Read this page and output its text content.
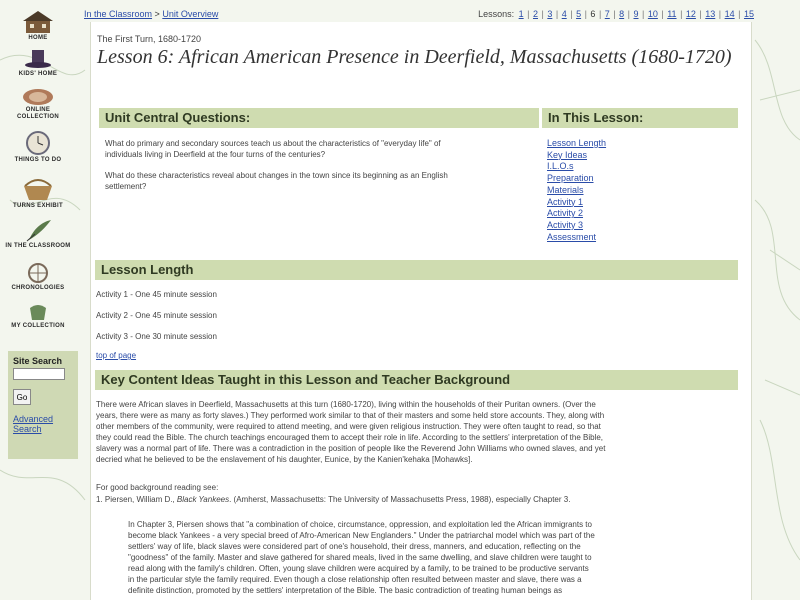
HOME
KIDS' HOME
ONLINE COLLECTION
THINGS TO DO
TURNS EXHIBIT
IN THE CLASSROOM
CHRONOLOGIES
MY COLLECTION
Site Search
Go
Advanced
Search
In the Classroom > Unit Overview	Lessons: 1 | 2 | 3 | 4 | 5 | 6 | 7 | 8 | 9 | 10 | 11 | 12 | 13 | 14 | 15
The First Turn, 1680-1720
Lesson 6: African American Presence in Deerfield, Massachusetts (1680-1720)
Unit Central Questions:
What do primary and secondary sources teach us about the characteristics of "everyday life" of
individuals living in Deerfield at the four turns of the centuries?
What do these characteristics reveal about changes in the town since its beginning as an English
settlement?
In This Lesson:
Lesson Length
Key Ideas
I.L.O.s
Preparation
Materials
Activity 1
Activity 2
Activity 3
Assessment
Lesson Length
Activity 1 - One 45 minute session
Activity 2 - One 45 minute session
Activity 3 - One 30 minute session
top of page
Key Content Ideas Taught in this Lesson and Teacher Background
There were African slaves in Deerfield, Massachusetts at this turn (1680-1720), living within the households of their Puritan owners. (Over the
years, there were as many as forty slaves.) They performed work similar to that of their masters and some held store accounts. They, along with
other members of the community, were required to attend meeting, and were given religious instruction. They were often taught to read, so that
they could read the Bible. The church teachings encouraged them to accept their role in life. According to the settlers' interpretation of the Bible,
slavery was a normal part of life. There was a contradiction in the position of people like the Reverend John Williams who owned slaves, and yet
decried what he believed to be the enslavement of his daughter, Eunice, by the Kanien'kehaka [Mohawks].
For good background reading see:
1. Piersen, William D., Black Yankees. (Amherst, Massachusetts: The University of Massachusetts Press, 1988), especially Chapter 3.
In Chapter 3, Piersen shows that "a combination of choice, circumstance, oppression, and exploitation led the African immigrants to
become black Yankees - a very special breed of Afro-American New Englanders." Under the patriarchal model which was part of the
settlers' way of life, black slaves were considered part of one's household, their dress, manners, and education, reflecting on the
"goodness" of the family. Master and slave gathered for shared meals, lived in the same dwelling, and slave children were taught to
read along with the family's children. Often, young slave children were acquired by a family, to be trained to be productive servants
in the particular style the family required. Even though a close relationship often resulted between master and slave, there was a
definite distinction, promoted by the settlers' interpretation of the Bible. The basic contradiction of treating human beings as
